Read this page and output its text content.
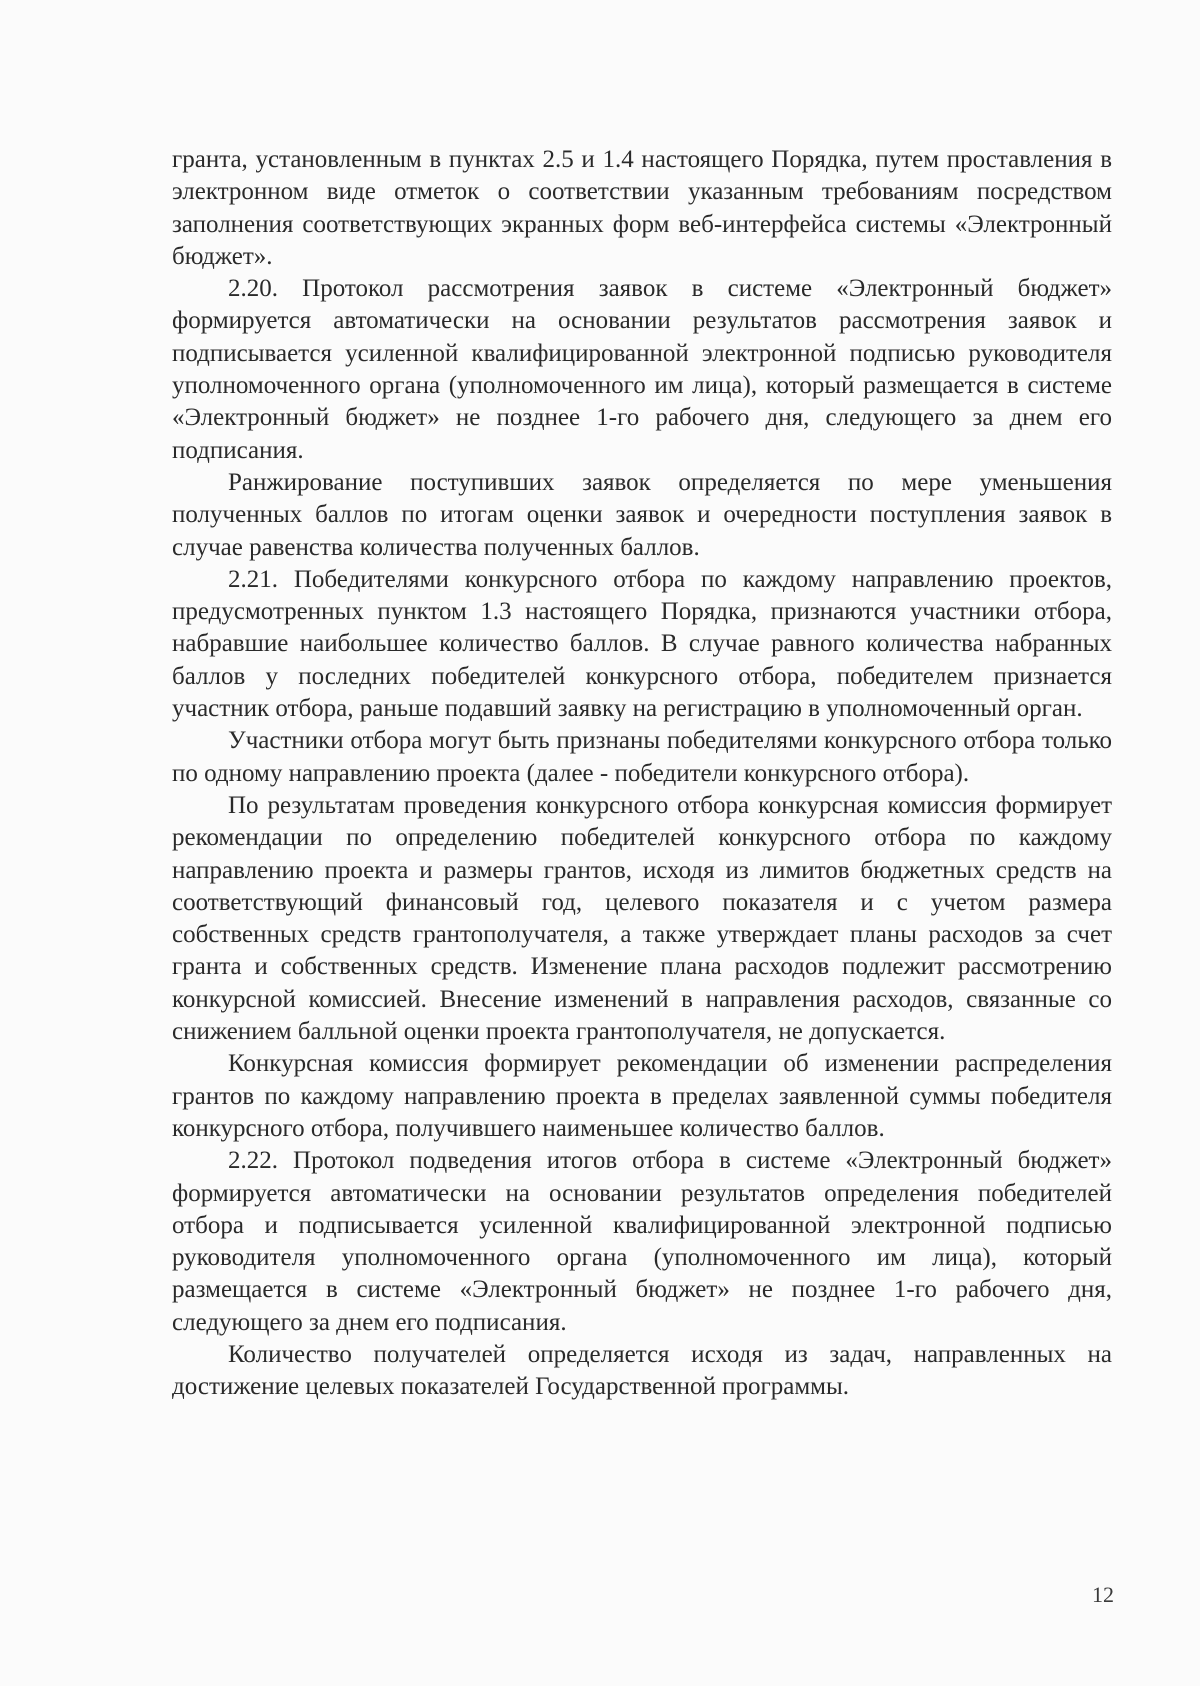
гранта, установленным в пунктах 2.5 и 1.4 настоящего Порядка, путем проставления в электронном виде отметок о соответствии указанным требованиям посредством заполнения соответствующих экранных форм веб-интерфейса системы «Электронный бюджет».

2.20. Протокол рассмотрения заявок в системе «Электронный бюджет» формируется автоматически на основании результатов рассмотрения заявок и подписывается усиленной квалифицированной электронной подписью руководителя уполномоченного органа (уполномоченного им лица), который размещается в системе «Электронный бюджет» не позднее 1-го рабочего дня, следующего за днем его подписания.

Ранжирование поступивших заявок определяется по мере уменьшения полученных баллов по итогам оценки заявок и очередности поступления заявок в случае равенства количества полученных баллов.

2.21. Победителями конкурсного отбора по каждому направлению проектов, предусмотренных пунктом 1.3 настоящего Порядка, признаются участники отбора, набравшие наибольшее количество баллов. В случае равного количества набранных баллов у последних победителей конкурсного отбора, победителем признается участник отбора, раньше подавший заявку на регистрацию в уполномоченный орган.

Участники отбора могут быть признаны победителями конкурсного отбора только по одному направлению проекта (далее - победители конкурсного отбора).

По результатам проведения конкурсного отбора конкурсная комиссия формирует рекомендации по определению победителей конкурсного отбора по каждому направлению проекта и размеры грантов, исходя из лимитов бюджетных средств на соответствующий финансовый год, целевого показателя и с учетом размера собственных средств грантополучателя, а также утверждает планы расходов за счет гранта и собственных средств. Изменение плана расходов подлежит рассмотрению конкурсной комиссией. Внесение изменений в направления расходов, связанные со снижением балльной оценки проекта грантополучателя, не допускается.

Конкурсная комиссия формирует рекомендации об изменении распределения грантов по каждому направлению проекта в пределах заявленной суммы победителя конкурсного отбора, получившего наименьшее количество баллов.

2.22. Протокол подведения итогов отбора в системе «Электронный бюджет» формируется автоматически на основании результатов определения победителей отбора и подписывается усиленной квалифицированной электронной подписью руководителя уполномоченного органа (уполномоченного им лица), который размещается в системе «Электронный бюджет» не позднее 1-го рабочего дня, следующего за днем его подписания.

Количество получателей определяется исходя из задач, направленных на достижение целевых показателей Государственной программы.

12
